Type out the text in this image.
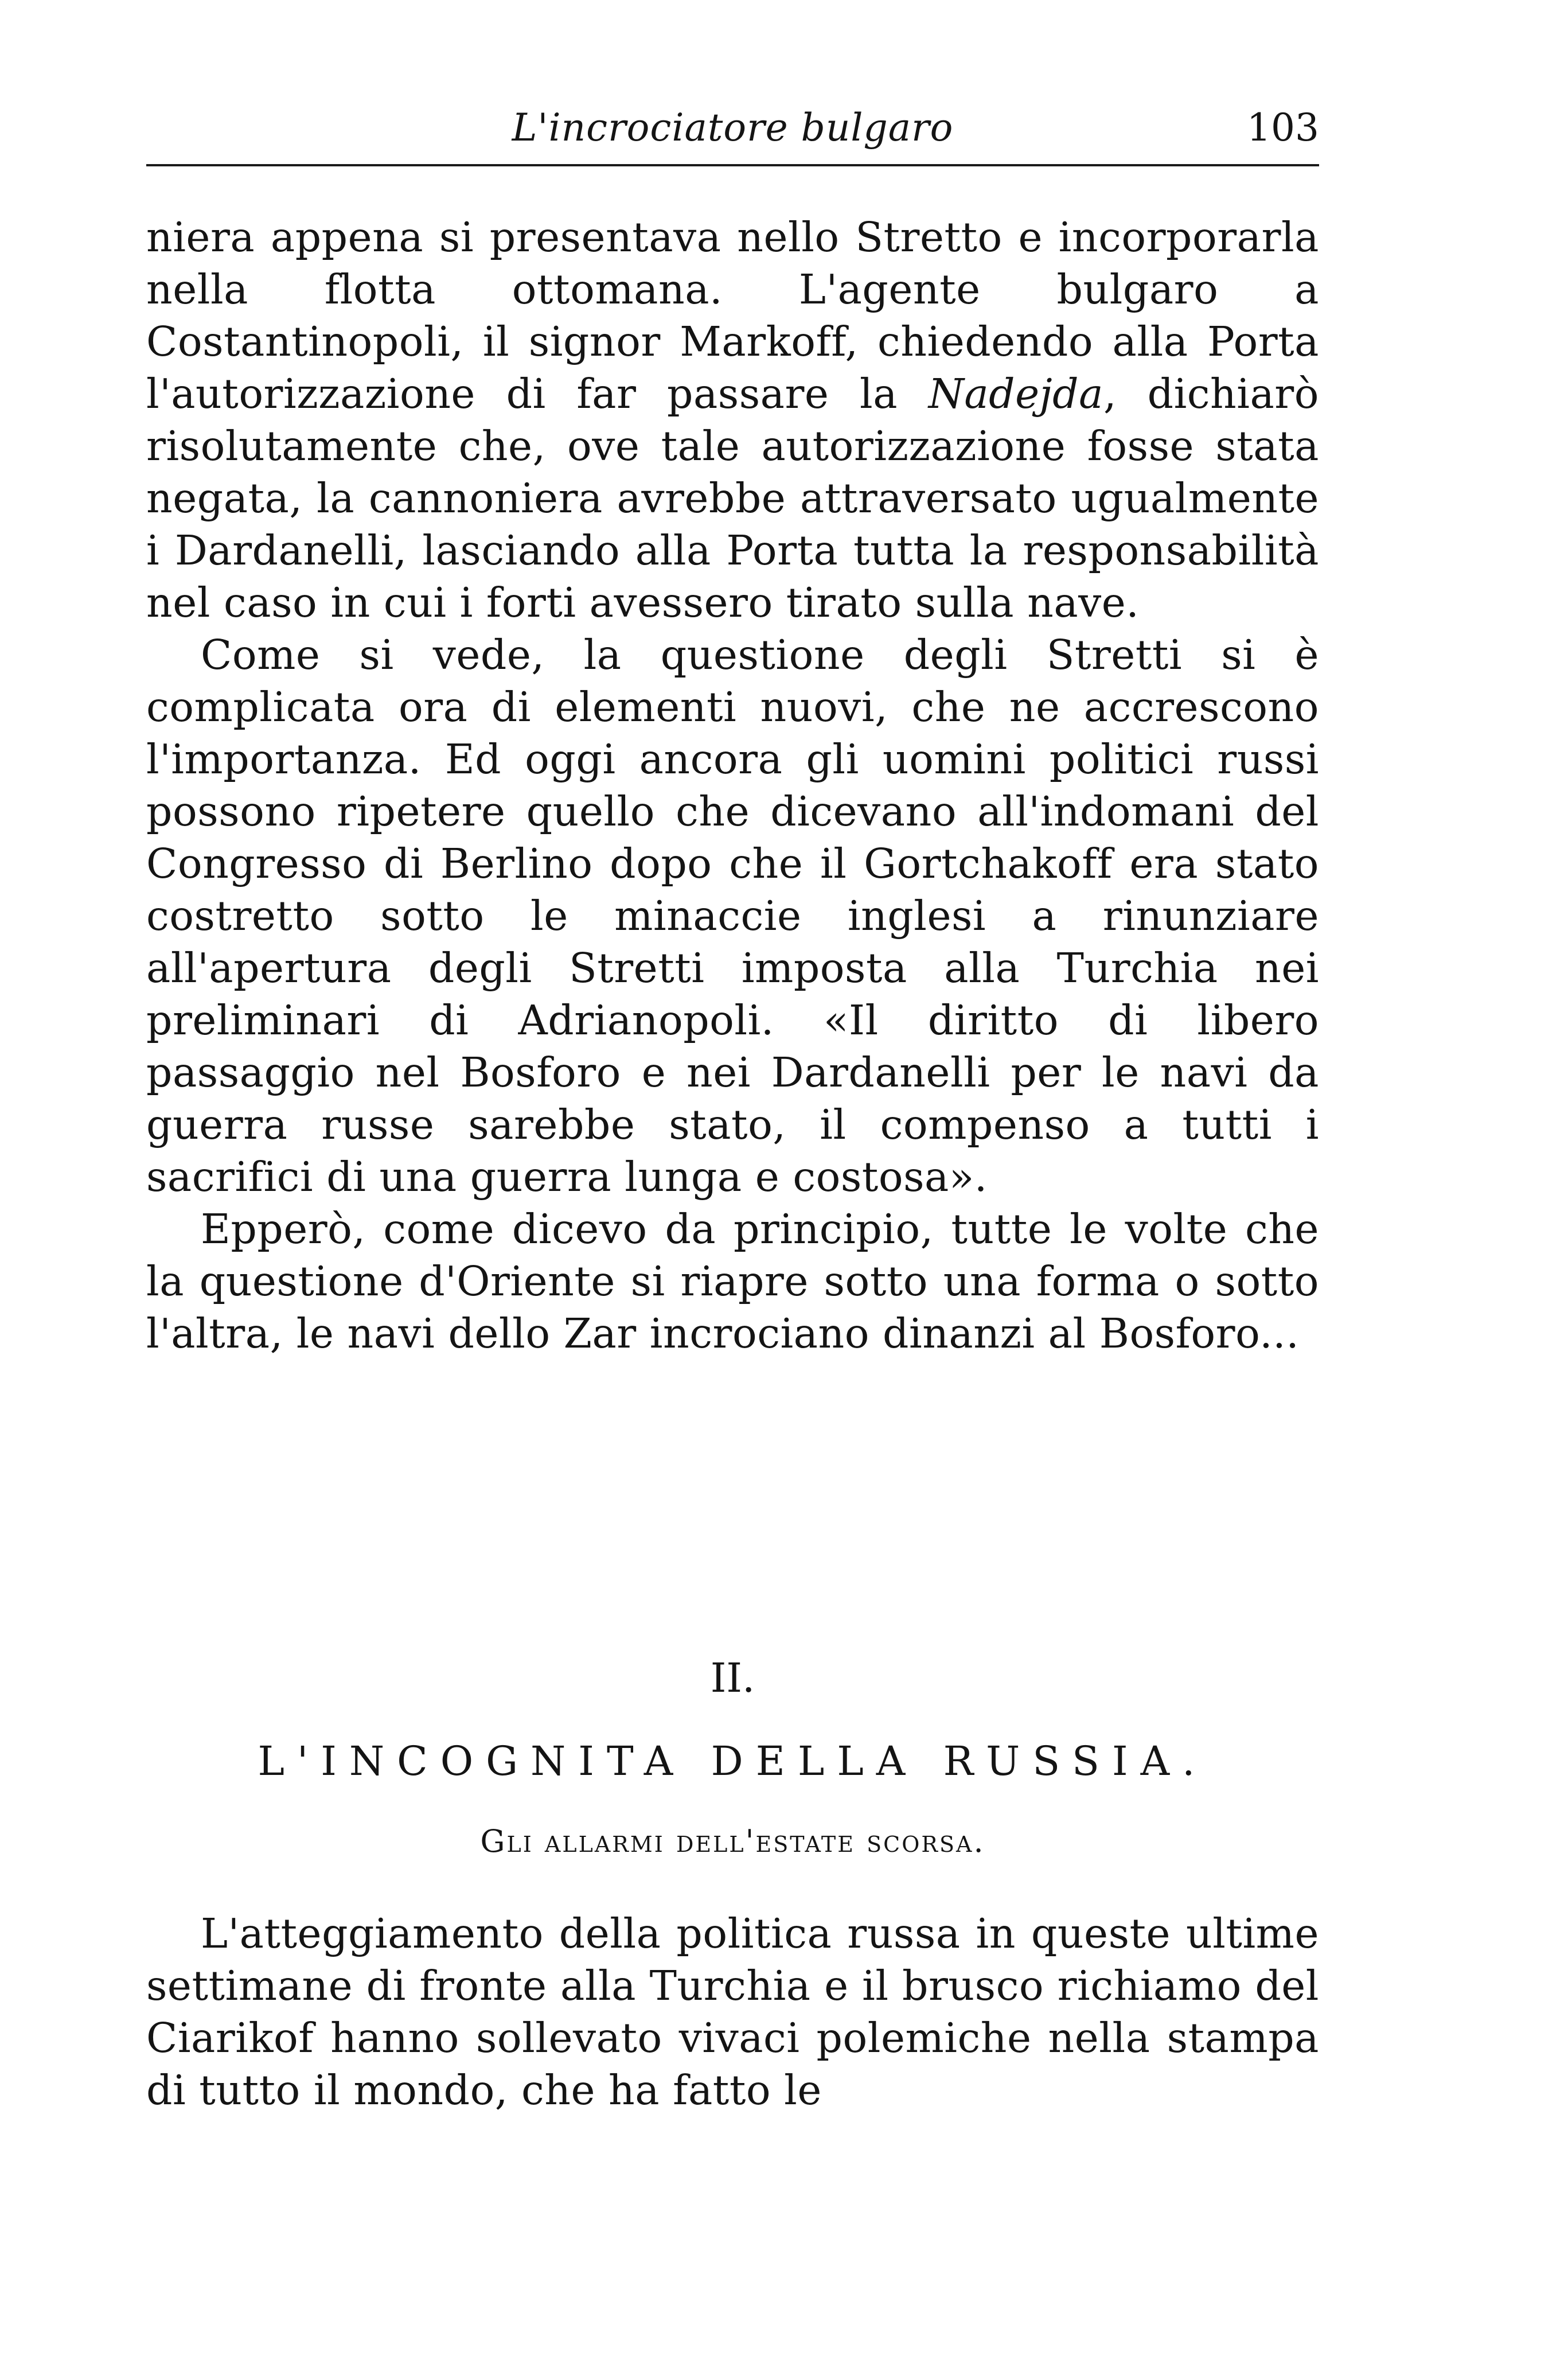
L'incrociatore bulgaro	103

niera appena si presentava nello Stretto e incorporarla nella flotta ottomana. L'agente bulgaro a Costantinopoli, il signor Markoff, chiedendo alla Porta l'autorizzazione di far passare la Nadejda, dichiarò risolutamente che, ove tale autorizzazione fosse stata negata, la cannoniera avrebbe attraversato ugualmente i Dardanelli, lasciando alla Porta tutta la responsabilità nel caso in cui i forti avessero tirato sulla nave.

Come si vede, la questione degli Stretti si è complicata ora di elementi nuovi, che ne accrescono l'importanza. Ed oggi ancora gli uomini politici russi possono ripetere quello che dicevano all'indomani del Congresso di Berlino dopo che il Gortchakoff era stato costretto sotto le minaccie inglesi a rinunziare all'apertura degli Stretti imposta alla Turchia nei preliminari di Adrianopoli. «Il diritto di libero passaggio nel Bosforo e nei Dardanelli per le navi da guerra russe sarebbe stato, il compenso a tutti i sacrifici di una guerra lunga e costosa».

Epperò, come dicevo da principio, tutte le volte che la questione d'Oriente si riapre sotto una forma o sotto l'altra, le navi dello Zar incrociano dinanzi al Bosforo...

II.
L'INCOGNITA DELLA RUSSIA.
Gli allarmi dell'estate scorsa.

L'atteggiamento della politica russa in queste ultime settimane di fronte alla Turchia e il brusco richiamo del Ciarikof hanno sollevato vivaci polemiche nella stampa di tutto il mondo, che ha fatto le
